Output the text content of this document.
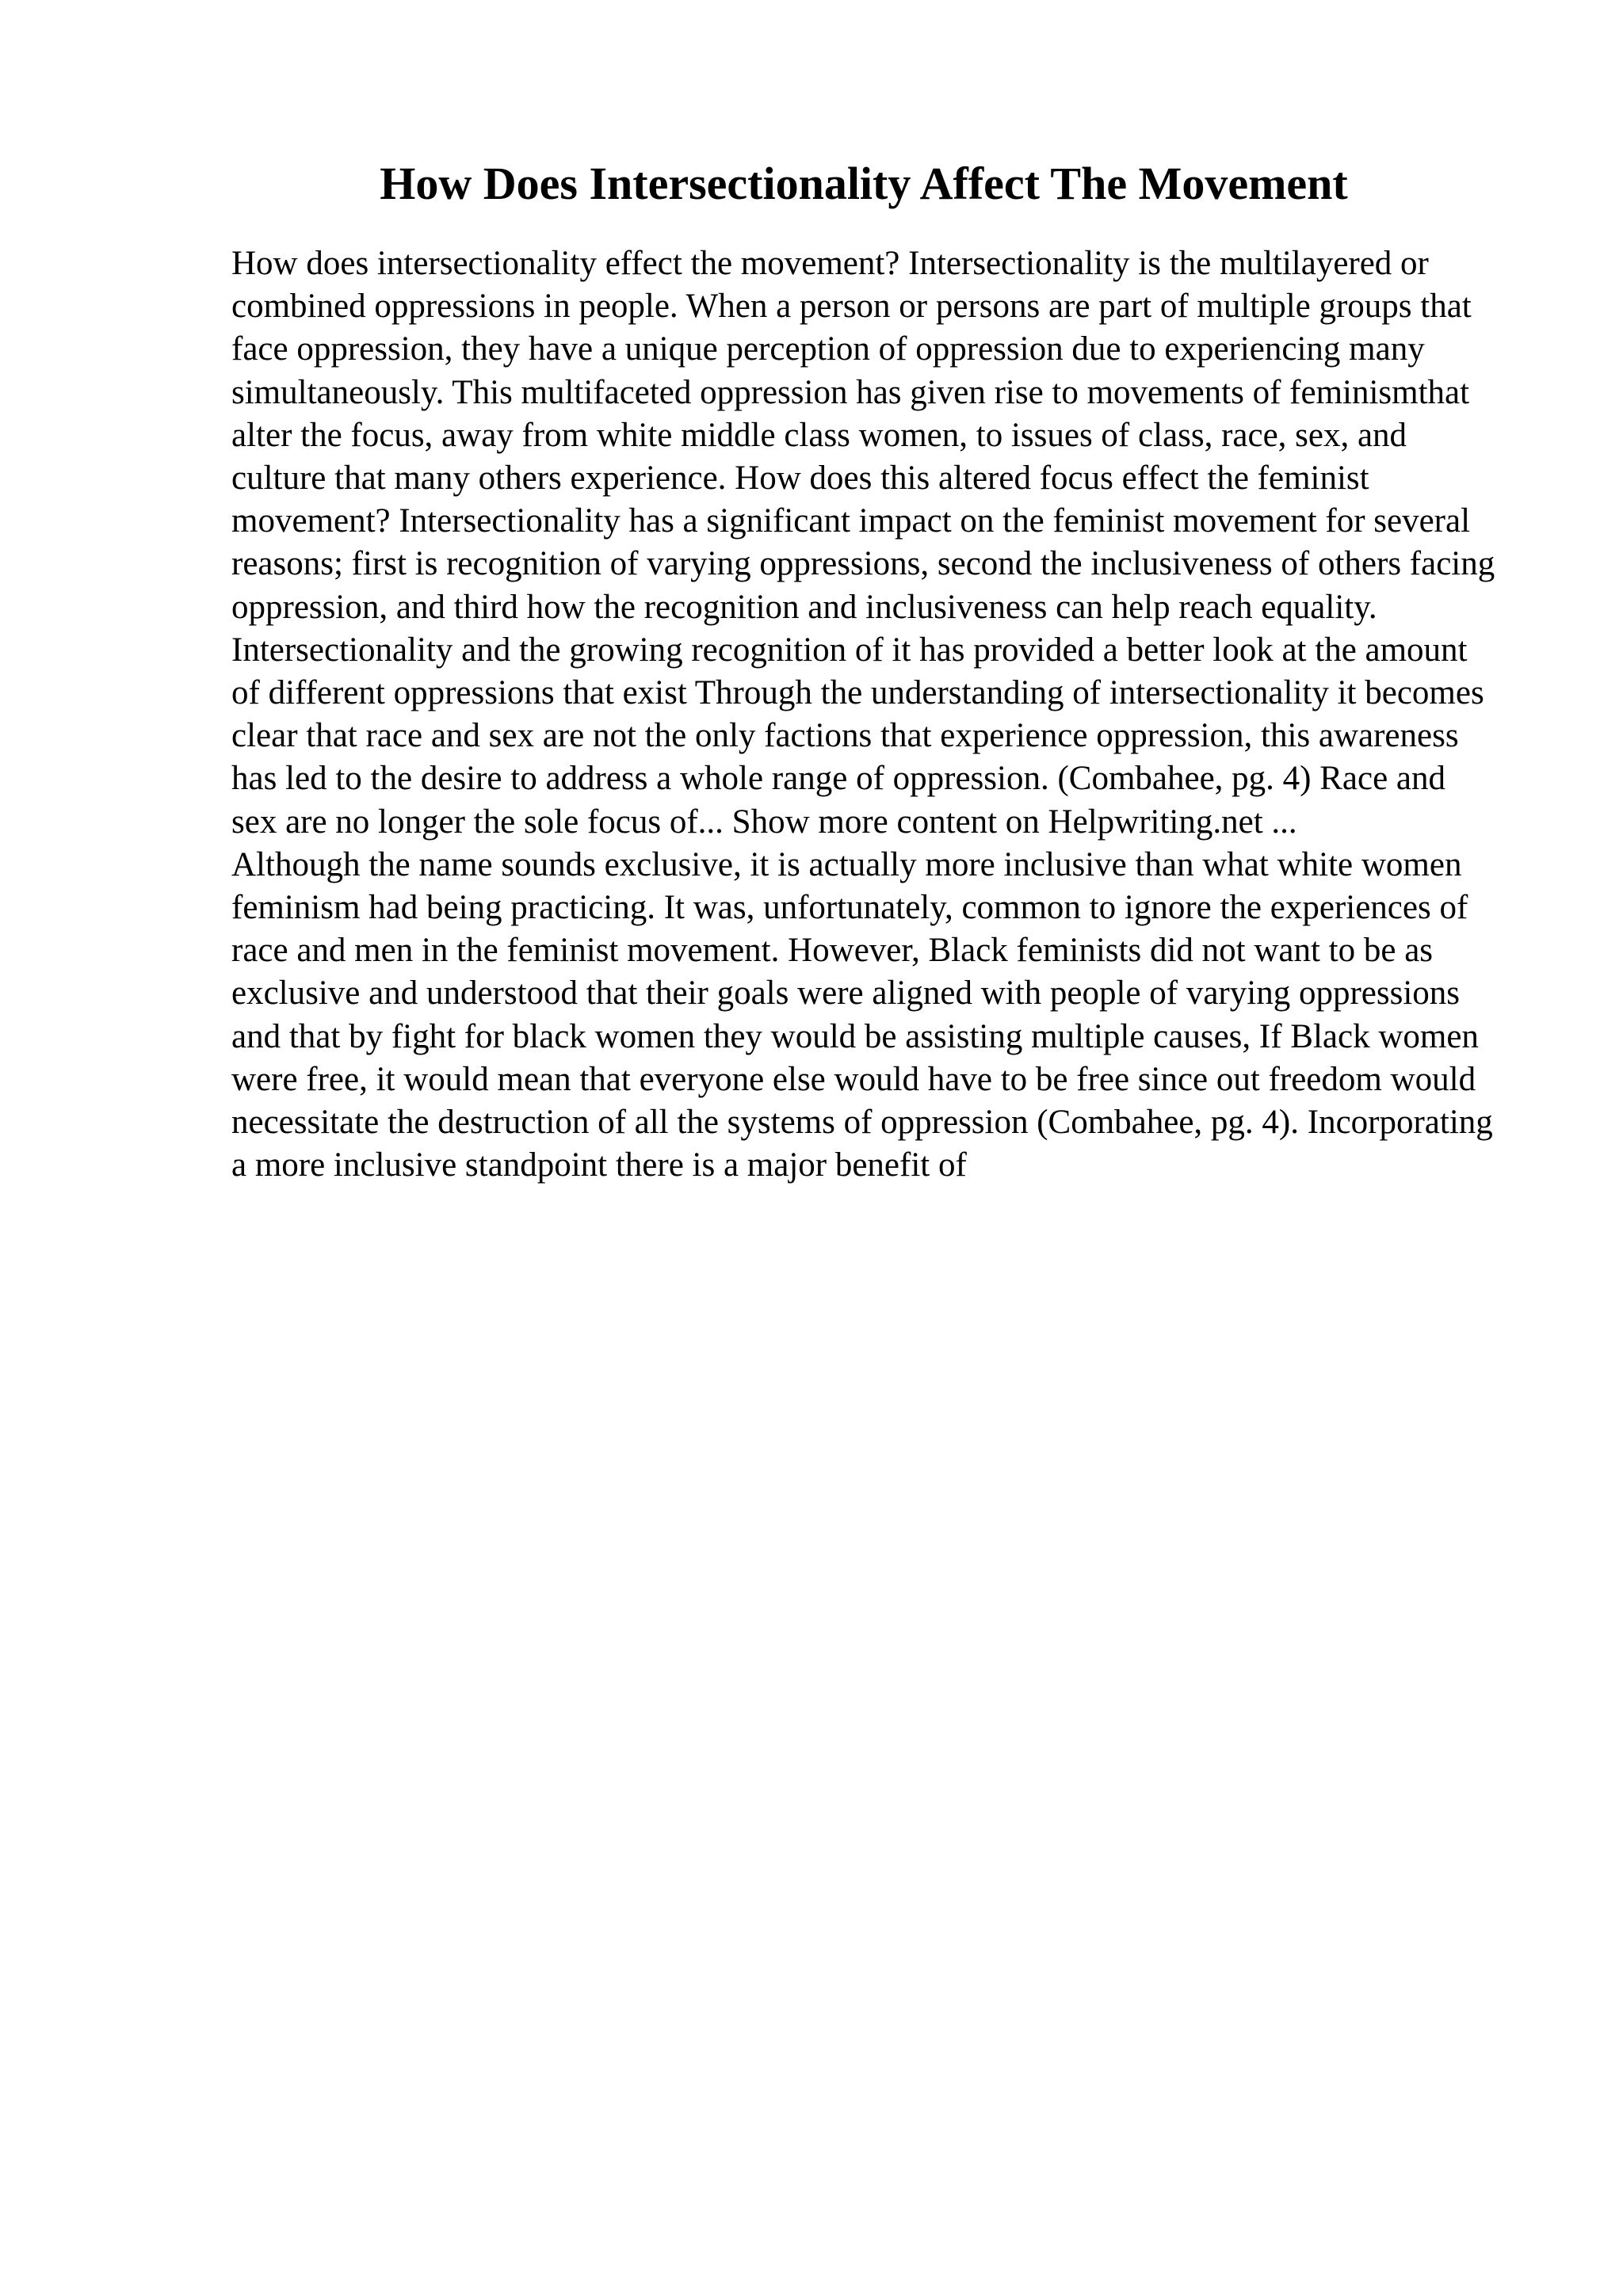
How Does Intersectionality Affect The Movement

How does intersectionality effect the movement? Intersectionality is the multilayered or combined oppressions in people. When a person or persons are part of multiple groups that face oppression, they have a unique perception of oppression due to experiencing many simultaneously. This multifaceted oppression has given rise to movements of feminismthat alter the focus, away from white middle class women, to issues of class, race, sex, and culture that many others experience. How does this altered focus effect the feminist movement? Intersectionality has a significant impact on the feminist movement for several reasons; first is recognition of varying oppressions, second the inclusiveness of others facing oppression, and third how the recognition and inclusiveness can help reach equality. Intersectionality and the growing recognition of it has provided a better look at the amount of different oppressions that exist Through the understanding of intersectionality it becomes clear that race and sex are not the only factions that experience oppression, this awareness has led to the desire to address a whole range of oppression. (Combahee, pg. 4) Race and sex are no longer the sole focus of... Show more content on Helpwriting.net ...

Although the name sounds exclusive, it is actually more inclusive than what white women feminism had being practicing. It was, unfortunately, common to ignore the experiences of race and men in the feminist movement. However, Black feminists did not want to be as exclusive and understood that their goals were aligned with people of varying oppressions and that by fight for black women they would be assisting multiple causes, If Black women were free, it would mean that everyone else would have to be free since out freedom would necessitate the destruction of all the systems of oppression (Combahee, pg. 4). Incorporating a more inclusive standpoint there is a major benefit of
